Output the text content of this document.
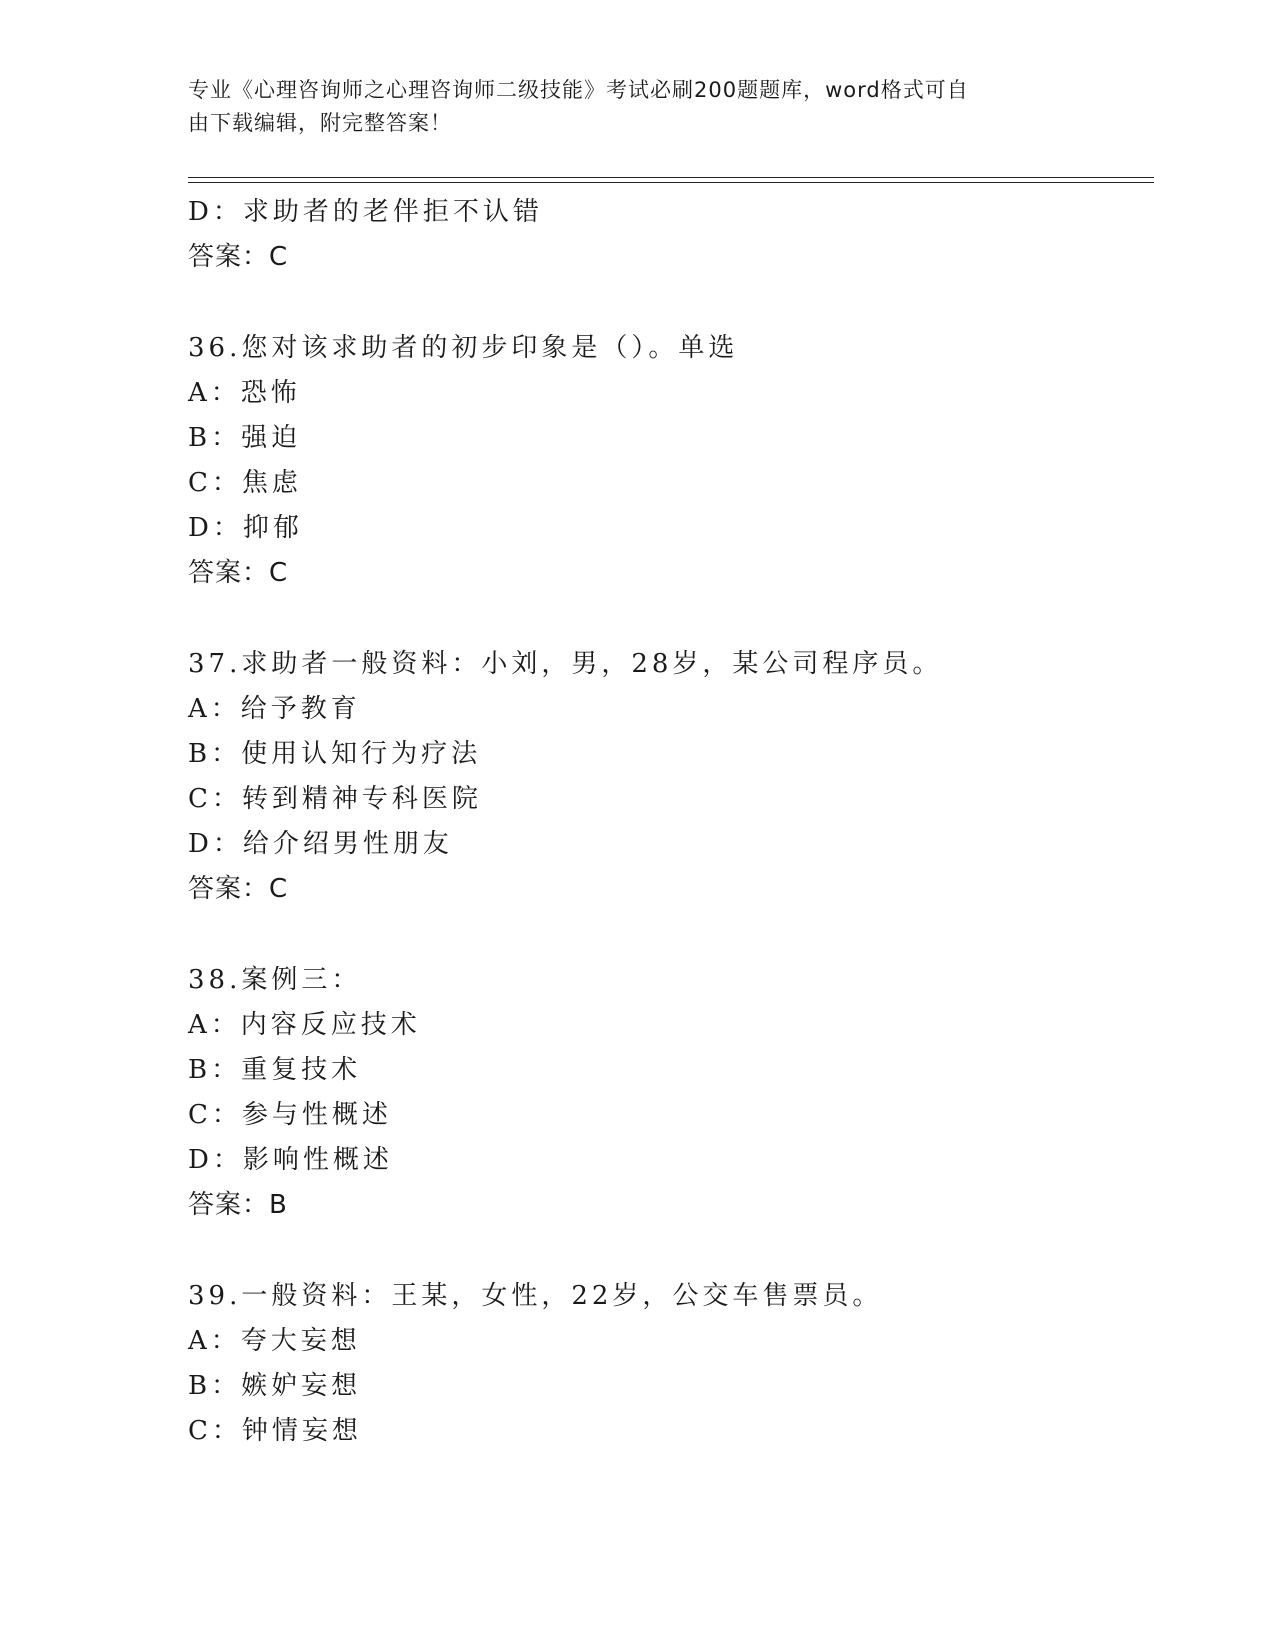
专业《心理咨询师之心理咨询师二级技能》考试必刷200题题库，word格式可自
由下载编辑，附完整答案！
D：求助者的老伴拒不认错
答案：C
36.您对该求助者的初步印象是（）。单选
A：恐怖
B：强迫
C：焦虑
D：抑郁
答案：C
37.求助者一般资料：小刘，男，28岁，某公司程序员。
A：给予教育
B：使用认知行为疗法
C：转到精神专科医院
D：给介绍男性朋友
答案：C
38.案例三：
A：内容反应技术
B：重复技术
C：参与性概述
D：影响性概述
答案：B
39.一般资料：王某，女性，22岁，公交车售票员。
A：夸大妄想
B：嫉妒妄想
C：钟情妄想
